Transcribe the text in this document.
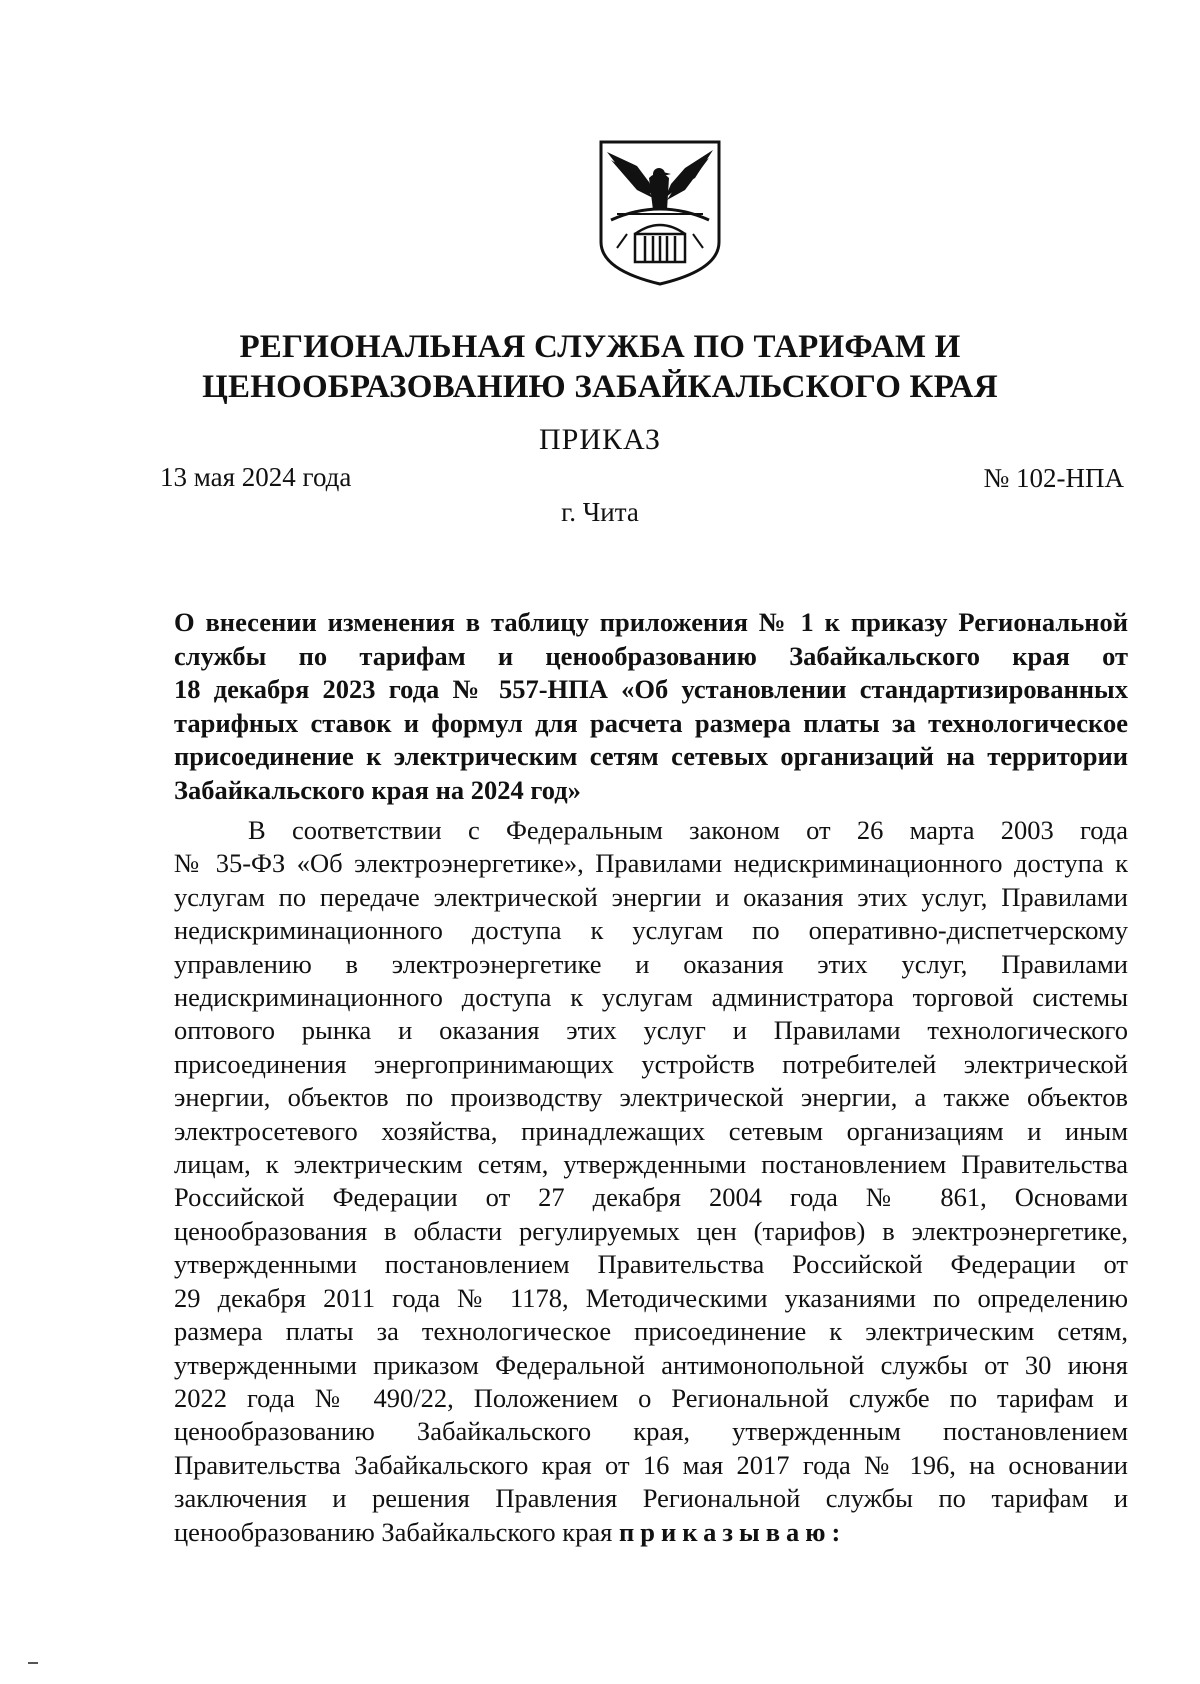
РЕГИОНАЛЬНАЯ СЛУЖБА ПО ТАРИФАМ И
ЦЕНООБРАЗОВАНИЮ ЗАБАЙКАЛЬСКОГО КРАЯ
ПРИКАЗ
13 мая 2024 года	№ 102-НПА
г. Чита
О внесении изменения в таблицу приложения № 1 к приказу Региональной
службы по тарифам и ценообразованию Забайкальского края от
18 декабря 2023 года № 557-НПА «Об установлении стандартизированных
тарифных ставок и формул для расчета размера платы за технологическое
присоединение к электрическим сетям сетевых организаций на территории
Забайкальского края на 2024 год»
В соответствии с Федеральным законом от 26 марта 2003 года
№ 35-ФЗ «Об электроэнергетике», Правилами недискриминационного доступа к
услугам по передаче электрической энергии и оказания этих услуг, Правилами
недискриминационного доступа к услугам по оперативно-диспетчерскому
управлению в электроэнергетике и оказания этих услуг, Правилами
недискриминационного доступа к услугам администратора торговой системы
оптового рынка и оказания этих услуг и Правилами технологического
присоединения энергопринимающих устройств потребителей электрической
энергии, объектов по производству электрической энергии, а также объектов
электросетевого хозяйства, принадлежащих сетевым организациям и иным
лицам, к электрическим сетям, утвержденными постановлением Правительства
Российской Федерации от 27 декабря 2004 года № 861, Основами
ценообразования в области регулируемых цен (тарифов) в электроэнергетике,
утвержденными постановлением Правительства Российской Федерации от
29 декабря 2011 года № 1178, Методическими указаниями по определению
размера платы за технологическое присоединение к электрическим сетям,
утвержденными приказом Федеральной антимонопольной службы от 30 июня
2022 года № 490/22, Положением о Региональной службе по тарифам и
ценообразованию Забайкальского края, утвержденным постановлением
Правительства Забайкальского края от 16 мая 2017 года № 196, на основании
заключения и решения Правления Региональной службы по тарифам и
ценообразованию Забайкальского края приказываю:
